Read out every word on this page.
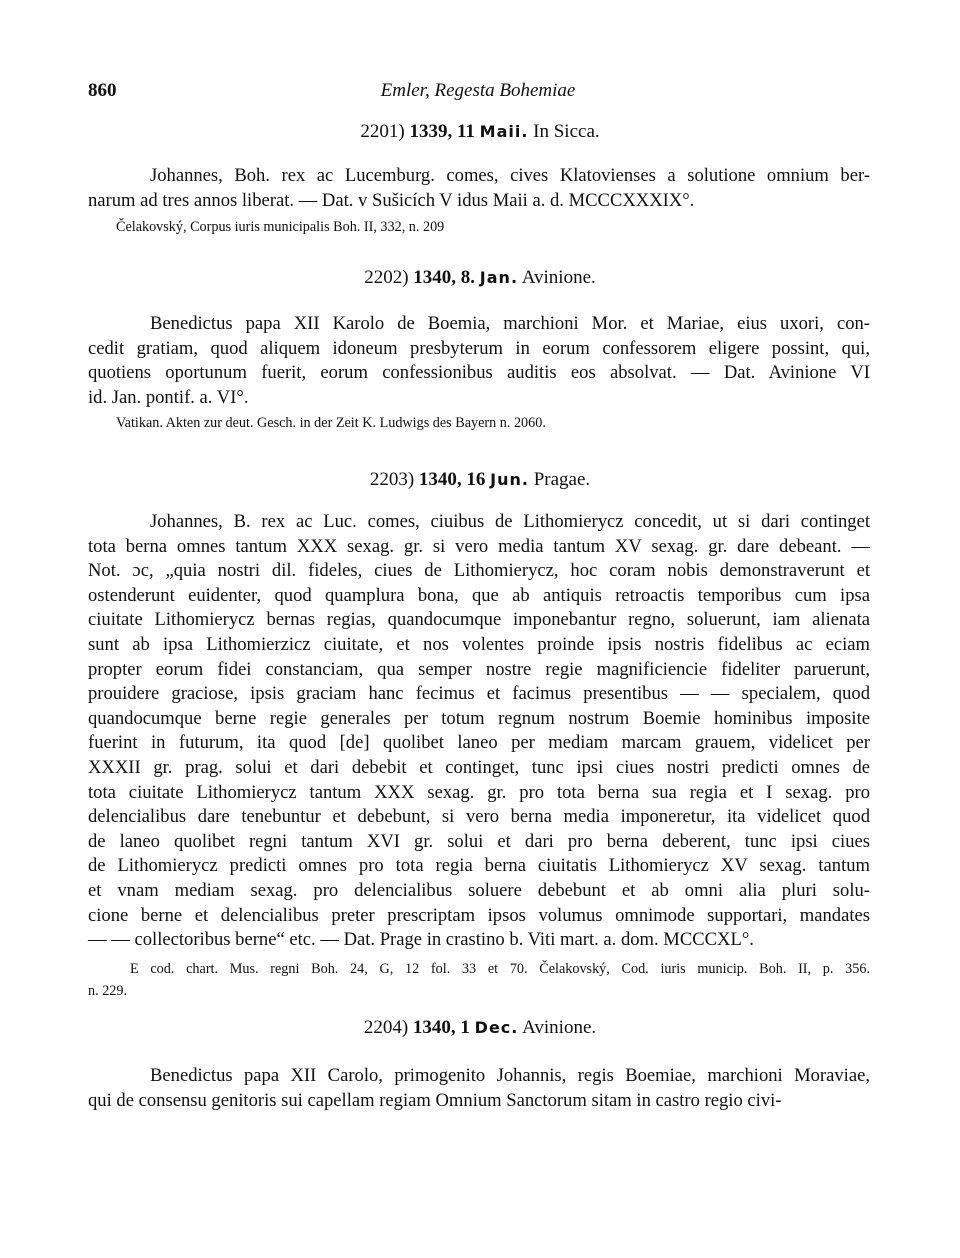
860	Emler, Regesta Bohemiae
2201) 1339, 11 Maii. In Sicca.

Johannes, Boh. rex ac Lucemburg. comes, cives Klatovienses a solutione omnium ber-
narum ad tres annos liberat. — Dat. v Sušicích V idus Maii a. d. MCCCXXXIX°.

Čelakovský, Corpus iuris municipalis Boh. II, 332, n. 209

2202) 1340, 8. Jan. Avinione.

Benedictus papa XII Karolo de Boemia, marchioni Mor. et Mariae, eius uxori, con-
cedit gratiam, quod aliquem idoneum presbyterum in eorum confessorem eligere possint, qui,
quotiens oportunum fuerit, eorum confessionibus auditis eos absolvat. — Dat. Avinione VI
id. Jan. pontif. a. VI°.

Vatikan. Akten zur deut. Gesch. in der Zeit K. Ludwigs des Bayern n. 2060.

2203) 1340, 16 Jun. Pragae.

Johannes, B. rex ac Luc. comes, ciuibus de Lithomierycz concedit, ut si dari continget
tota berna omnes tantum XXX sexag. gr. si vero media tantum XV sexag. gr. dare debeant. —
Not. ɔc, „quia nostri dil. fideles, ciues de Lithomierycz, hoc coram nobis demonstraverunt et
ostenderunt euidenter, quod quamplura bona, que ab antiquis retroactis temporibus cum ipsa
ciuitate Lithomierycz bernas regias, quandocumque imponebantur regno, soluerunt, iam alienata
sunt ab ipsa Lithomierzicz ciuitate, et nos volentes proinde ipsis nostris fidelibus ac eciam
propter eorum fidei constanciam, qua semper nostre regie magnificiencie fideliter paruerunt,
prouidere graciose, ipsis graciam hanc fecimus et facimus presentibus — — specialem, quod
quandocumque berne regie generales per totum regnum nostrum Boemie hominibus imposite
fuerint in futurum, ita quod [de] quolibet laneo per mediam marcam grauem, videlicet per
XXXII gr. prag. solui et dari debebit et continget, tunc ipsi ciues nostri predicti omnes de
tota ciuitate Lithomierycz tantum XXX sexag. gr. pro tota berna sua regia et I sexag. pro
delencialibus dare tenebuntur et debebunt, si vero berna media imponeretur, ita videlicet quod
de laneo quolibet regni tantum XVI gr. solui et dari pro berna deberent, tunc ipsi ciues
de Lithomierycz predicti omnes pro tota regia berna ciuitatis Lithomierycz XV sexag. tantum
et vnam mediam sexag. pro delencialibus soluere debebunt et ab omni alia pluri solu-
cione berne et delencialibus preter prescriptam ipsos volumus omnimode supportari, mandates
— — collectoribus berne“ etc. — Dat. Prage in crastino b. Viti mart. a. dom. MCCCXL°.

E cod. chart. Mus. regni Boh. 24, G, 12 fol. 33 et 70. Čelakovský, Cod. iuris municip. Boh. II, p. 356.
n. 229.

2204) 1340, 1 Dec. Avinione.

Benedictus papa XII Carolo, primogenito Johannis, regis Boemiae, marchioni Moraviae,
qui de consensu genitoris sui capellam regiam Omnium Sanctorum sitam in castro regio civi-
